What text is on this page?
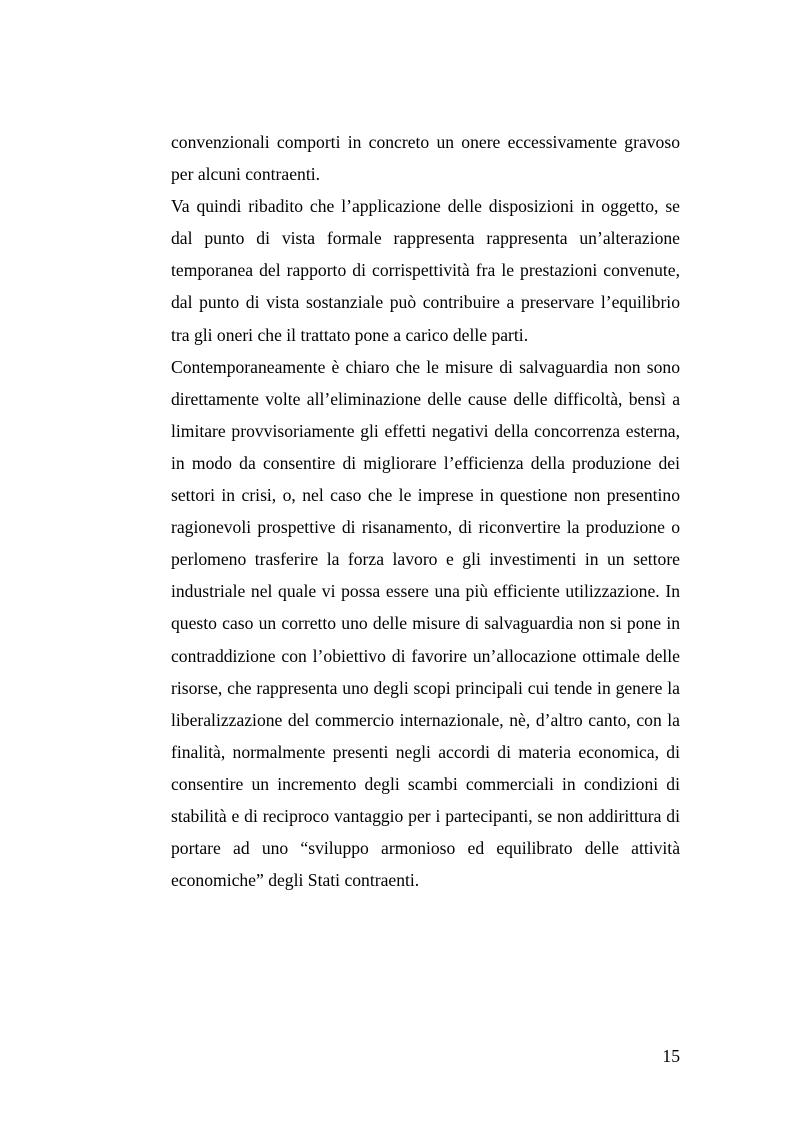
convenzionali comporti in concreto un onere eccessivamente gravoso per alcuni contraenti.

Va quindi ribadito che l’applicazione delle disposizioni in oggetto, se dal punto di vista formale rappresenta rappresenta un’alterazione temporanea del rapporto di corrispettività fra le prestazioni convenute, dal punto di vista sostanziale può contribuire a preservare l’equilibrio tra gli oneri che il trattato pone a carico delle parti.

Contemporaneamente è chiaro che le misure di salvaguardia non sono direttamente volte all’eliminazione delle cause delle difficoltà, bensì a limitare provvisoriamente gli effetti negativi della concorrenza esterna, in modo da consentire di migliorare l’efficienza della produzione dei settori in crisi, o, nel caso che le imprese in questione non presentino ragionevoli prospettive di risanamento, di riconvertire la produzione o perlomeno trasferire la forza lavoro e gli investimenti in un settore industriale nel quale vi possa essere una più efficiente utilizzazione. In questo caso un corretto uno delle misure di salvaguardia non si pone in contraddizione con l’obiettivo di favorire un’allocazione ottimale delle risorse, che rappresenta uno degli scopi principali cui tende in genere la liberalizzazione del commercio internazionale, nè, d’altro canto, con la finalità, normalmente presenti negli accordi di materia economica, di consentire un incremento degli scambi commerciali in condizioni di stabilità e di reciproco vantaggio per i partecipanti, se non addirittura di portare ad uno “sviluppo armonioso ed equilibrato delle attività economiche” degli Stati contraenti.

15
